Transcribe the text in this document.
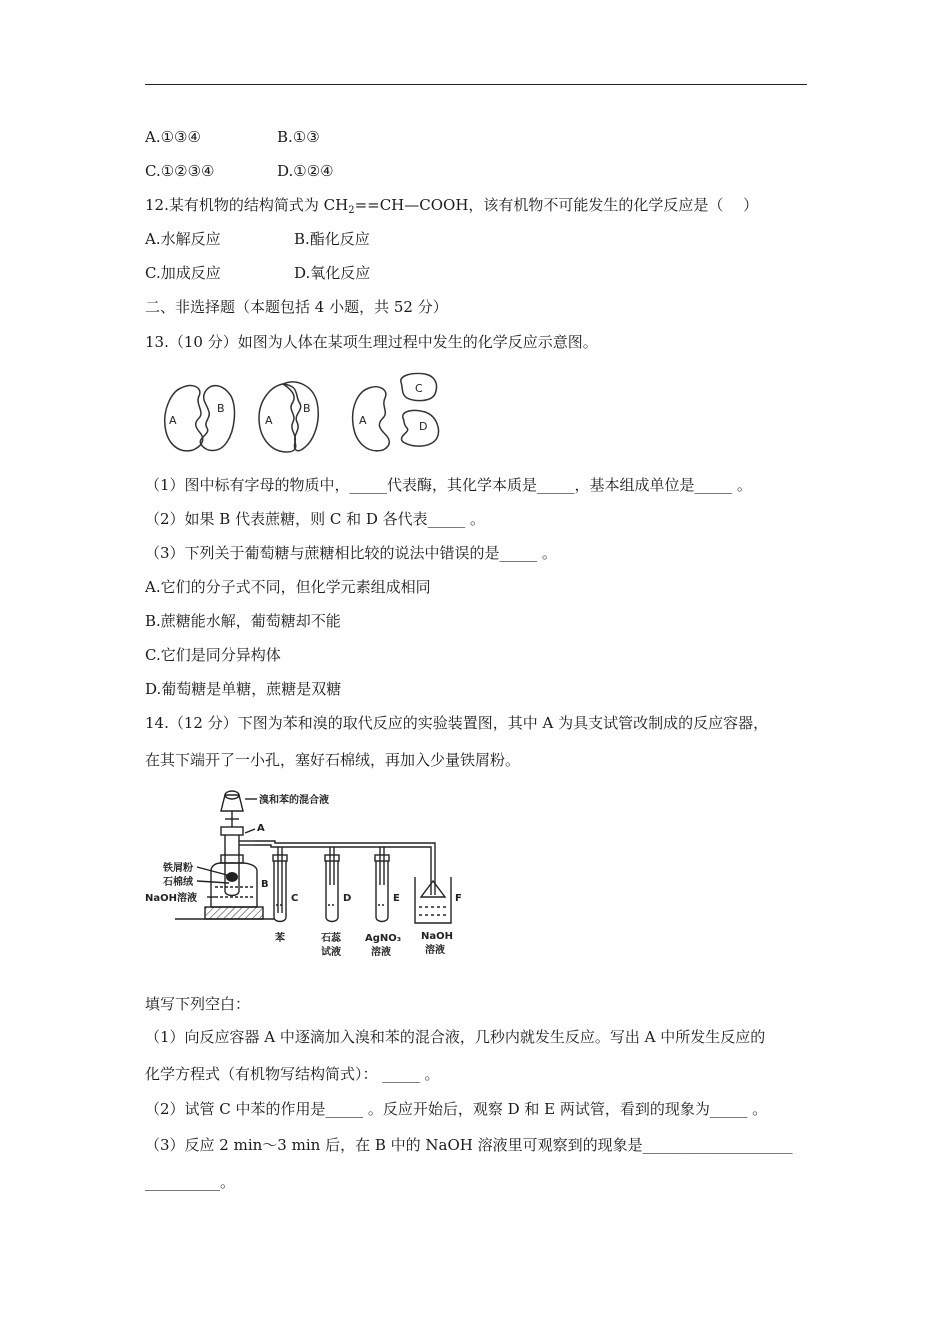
A.①③④	B.①③
C.①②③④	D.①②④
12.某有机物的结构简式为 $CH_2==CH—COOH$，该有机物不可能发生的化学反应是（　 ）
A.水解反应	B.酯化反应
C.加成反应	D.氧化反应
二、非选择题（本题包括 4 小题，共 52 分）
13.（10 分）如图为人体在某项生理过程中发生的化学反应示意图。
A
B
A
B
A
C
D
（1）图中标有字母的物质中，_____代表酶，其化学本质是_____，基本组成单位是_____ 。
（2）如果 B 代表蔗糖，则 C 和 D 各代表_____ 。
（3）下列关于葡萄糖与蔗糖相比较的说法中错误的是_____ 。
A.它们的分子式不同，但化学元素组成相同
B.蔗糖能水解，葡萄糖却不能
C.它们是同分异构体
D.葡萄糖是单糖，蔗糖是双糖
14.（12 分）下图为苯和溴的取代反应的实验装置图，其中 A 为具支试管改制成的反应容器，
在其下端开了一小孔，塞好石棉绒，再加入少量铁屑粉。
溴和苯的混合液
A
铁屑粉
石棉绒
NaOH溶液
B
C	D	E	F
苯	石蕊
试液
AgNO₃
溶液
NaOH
溶液
填写下列空白：
（1）向反应容器 A 中逐滴加入溴和苯的混合液，几秒内就发生反应。写出 A 中所发生反应的
化学方程式（有机物写结构简式）： _____ 。
（2）试管 C 中苯的作用是_____ 。反应开始后，观察 D 和 E 两试管，看到的现象为_____ 。
（3）反应 2 min～3 min 后，在 B 中的 NaOH 溶液里可观察到的现象是____________________
__________。
